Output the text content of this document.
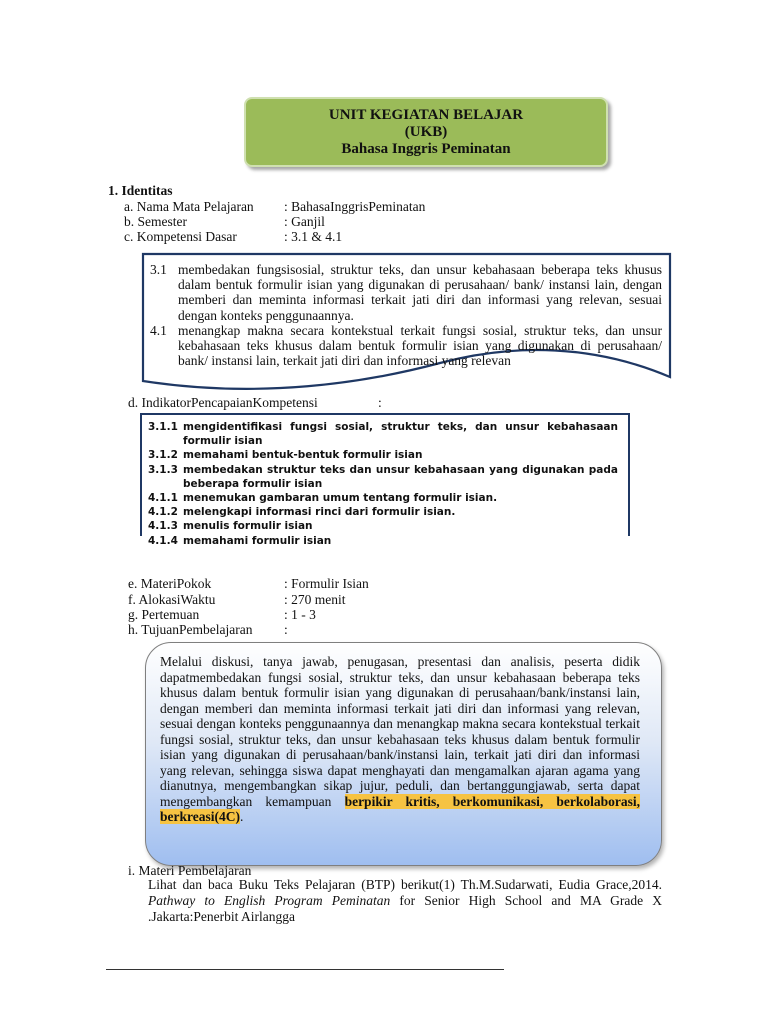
UNIT KEGIATAN BELAJAR
(UKB)
Bahasa Inggris Peminatan
1. Identitas
a. Nama Mata Pelajaran : BahasaInggrisPeminatan
b. Semester	: Ganjil
c. Kompetensi Dasar	: 3.1 & 4.1
3.1 membedakan fungsisosial, struktur teks, dan unsur kebahasaan beberapa teks khusus dalam bentuk formulir isian yang digunakan di perusahaan/ bank/ instansi lain, dengan memberi dan meminta informasi terkait jati diri dan informasi yang relevan, sesuai dengan konteks penggunaannya.
4.1 menangkap makna secara kontekstual terkait fungsi sosial, struktur teks, dan unsur kebahasaan teks khusus dalam bentuk formulir isian yang digunakan di perusahaan/ bank/ instansi lain, terkait jati diri dan informasi yang relevan
d. IndikatorPencapaianKompetensi	:
3.1.1 mengidentifikasi fungsi sosial, struktur teks, dan unsur kebahasaan formulir isian
3.1.2 memahami bentuk-bentuk formulir isian
3.1.3 membedakan struktur teks dan unsur kebahasaan yang digunakan pada beberapa formulir isian
4.1.1 menemukan gambaran umum tentang formulir isian.
4.1.2 melengkapi informasi rinci dari formulir isian.
4.1.3 menulis formulir isian
4.1.4 memahami formulir isian
e. MateriPokok	: Formulir Isian
f. AlokasiWaktu	: 270 menit
g. Pertemuan	: 1 - 3
h. TujuanPembelajaran :
Melalui diskusi, tanya jawab, penugasan, presentasi dan analisis, peserta didik dapatmembedakan fungsi sosial, struktur teks, dan unsur kebahasaan beberapa teks khusus dalam bentuk formulir isian yang digunakan di perusahaan/bank/instansi lain, dengan memberi dan meminta informasi terkait jati diri dan informasi yang relevan, sesuai dengan konteks penggunaannya dan menangkap makna secara kontekstual terkait fungsi sosial, struktur teks, dan unsur kebahasaan teks khusus dalam bentuk formulir isian yang digunakan di perusahaan/bank/instansi lain, terkait jati diri dan informasi yang relevan, sehingga siswa dapat menghayati dan mengamalkan ajaran agama yang dianutnya, mengembangkan sikap jujur, peduli, dan bertanggungjawab, serta dapat mengembangkan kemampuan berpikir kritis, berkomunikasi, berkolaborasi, berkreasi(4C).
i. Materi Pembelajaran
Lihat dan baca Buku Teks Pelajaran (BTP) berikut(1) Th.M.Sudarwati, Eudia Grace,2014. Pathway to English Program Peminatan for Senior High School and MA Grade X .Jakarta:Penerbit Airlangga
